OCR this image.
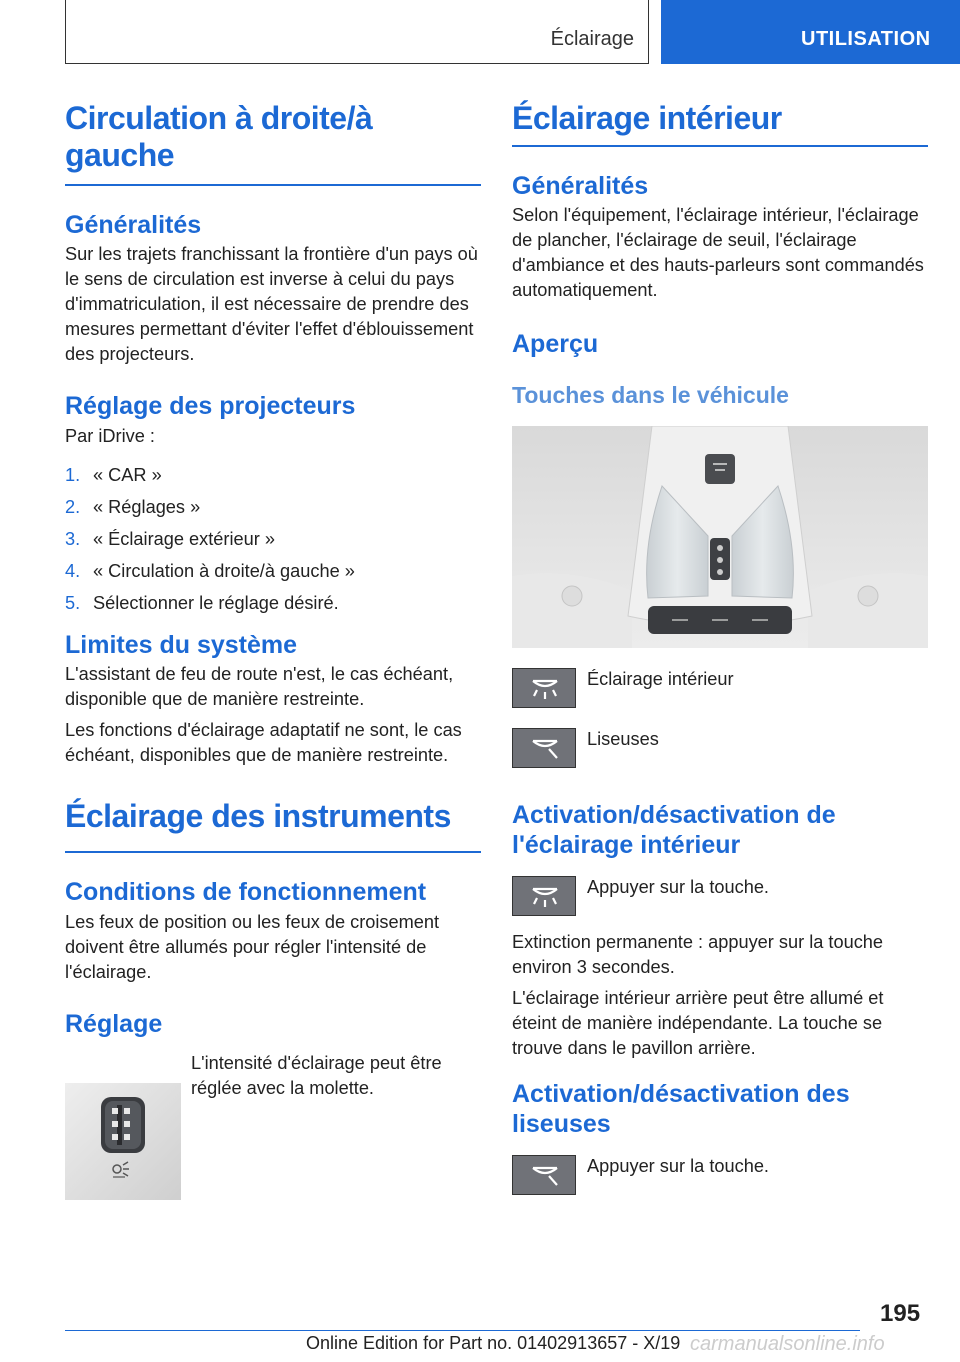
Éclairage	UTILISATION
Circulation à droite/à gauche
Généralités

Sur les trajets franchissant la frontière d'un pays où le sens de circulation est inverse à celui du pays d'immatriculation, il est nécessaire de prendre des mesures permettant d'éviter l'effet d'éblouissement des projecteurs.

Réglage des projecteurs

Par iDrive :

1. « CAR »
2. « Réglages »
3. « Éclairage extérieur »
4. « Circulation à droite/à gauche »
5. Sélectionner le réglage désiré.
Limites du système

L'assistant de feu de route n'est, le cas échéant, disponible que de manière restreinte.

Les fonctions d'éclairage adaptatif ne sont, le cas échéant, disponibles que de manière restreinte.

Éclairage des instruments
Conditions de fonctionnement

Les feux de position ou les feux de croisement doivent être allumés pour régler l'intensité de l'éclairage.

Réglage

L'intensité d'éclairage peut être réglée avec la molette.

Éclairage intérieur
Généralités

Selon l'équipement, l'éclairage intérieur, l'éclairage de plancher, l'éclairage de seuil, l'éclairage d'ambiance et des hauts-parleurs sont commandés automatiquement.

Aperçu
Touches dans le véhicule
Éclairage intérieur
Liseuses
Activation/désactivation de l'éclairage intérieur
Appuyer sur la touche.

Extinction permanente : appuyer sur la touche environ 3 secondes.

L'éclairage intérieur arrière peut être allumé et éteint de manière indépendante. La touche se trouve dans le pavillon arrière.

Activation/désactivation des liseuses
Appuyer sur la touche.
195
Online Edition for Part no. 01402913657 - X/19 carmanualsonline.info
